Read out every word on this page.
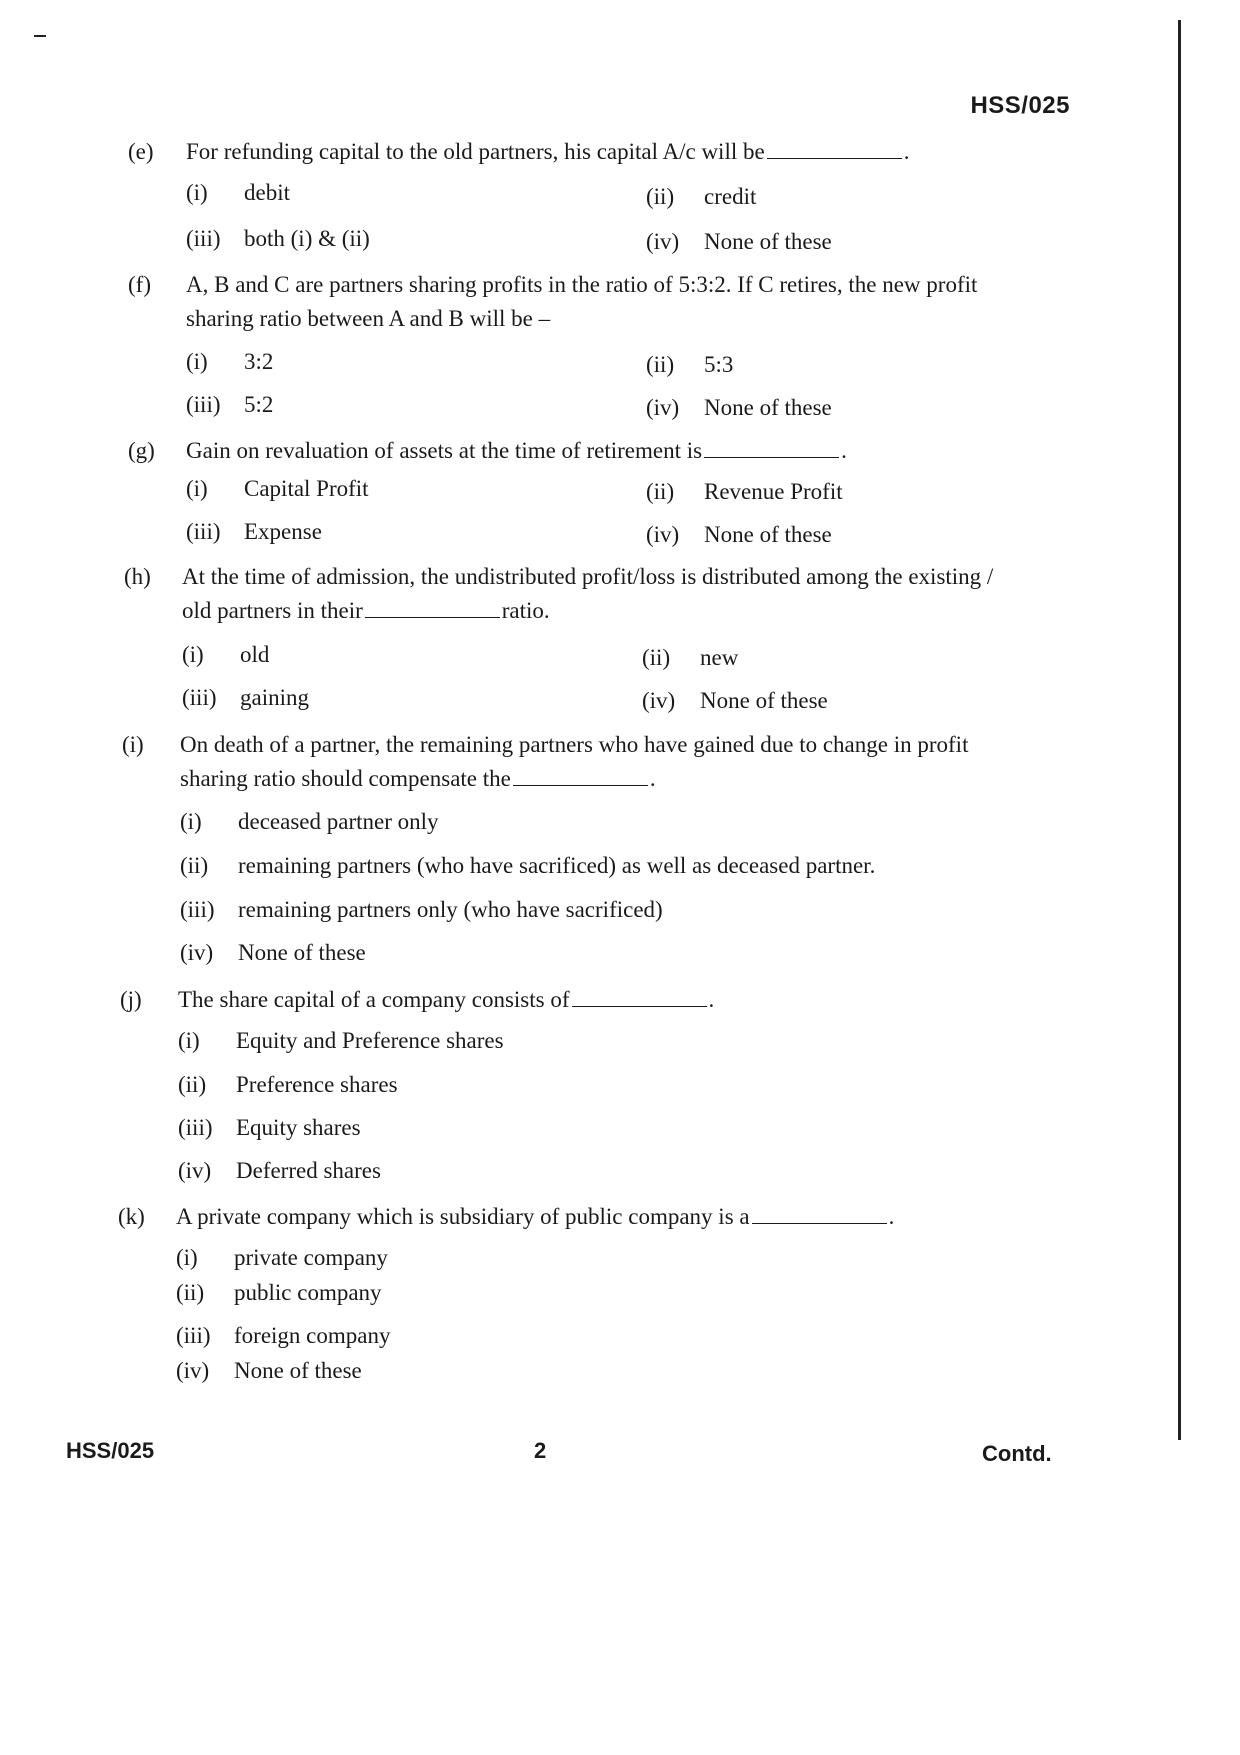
HSS/025
(e)	For refunding capital to the old partners, his capital A/c will be	.
(i) debit	(ii) credit
(iii) both (i) & (ii)	(iv) None of these
(f)	A, B and C are partners sharing profits in the ratio of 5:3:2. If C retires, the new profit
sharing ratio between A and B will be –
(i) 3:2	(ii) 5:3
(iii) 5:2	(iv) None of these
(g)	Gain on revaluation of assets at the time of retirement is	.
(i) Capital Profit	(ii) Revenue Profit
(iii) Expense	(iv) None of these
(h)	At the time of admission, the undistributed profit/loss is distributed among the existing /
old partners in their	ratio.
(i) old	(ii) new
(iii) gaining	(iv) None of these
(i)	On death of a partner, the remaining partners who have gained due to change in profit
sharing ratio should compensate the	.
(i) deceased partner only
(ii) remaining partners (who have sacrificed) as well as deceased partner.
(iii) remaining partners only (who have sacrificed)
(iv) None of these
(j)	The share capital of a company consists of	.
(i) Equity and Preference shares
(ii) Preference shares
(iii) Equity shares
(iv) Deferred shares
(k)	A private company which is subsidiary of public company is a	.
(i) private company
(ii) public company
(iii) foreign company
(iv) None of these
HSS/025	2	Contd.
